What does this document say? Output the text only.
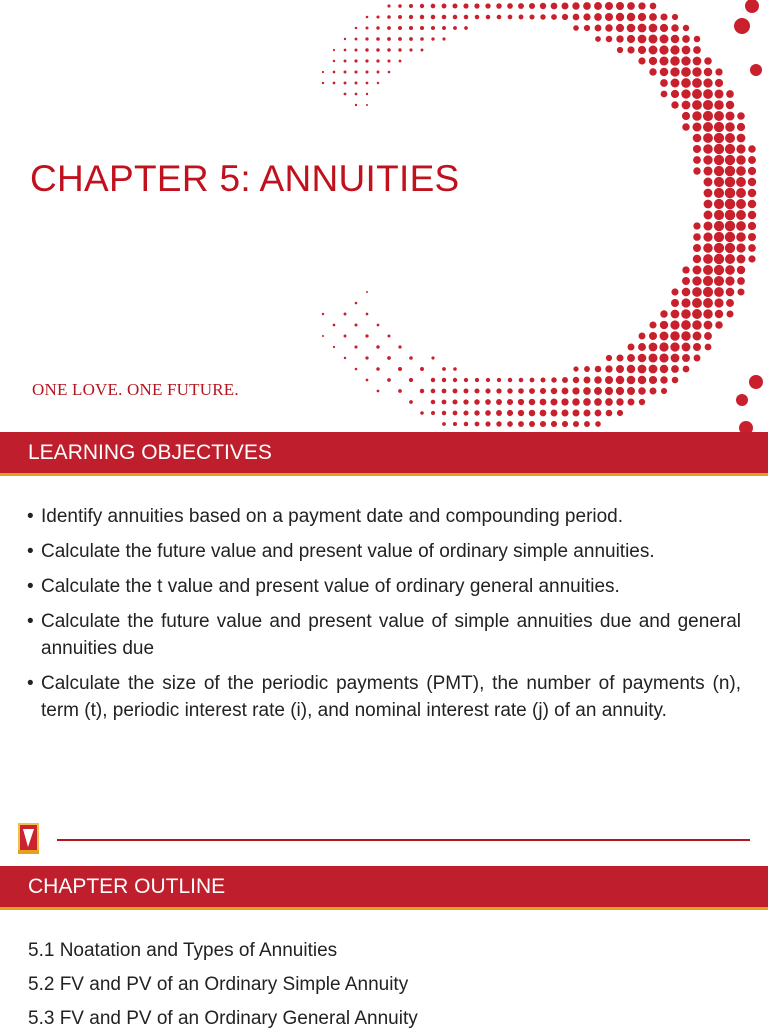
CHAPTER 5: ANNUITIES
ONE LOVE. ONE FUTURE.
LEARNING OBJECTIVES
• Identify annuities based on a payment date and compounding period.
• Calculate the future value and present value of ordinary simple annuities.
• Calculate the t value and present value of ordinary general annuities.
• Calculate the future value and present value of simple annuities due and general annuities due
• Calculate the size of the periodic payments (PMT), the number of payments (n), term (t), periodic interest rate (i), and nominal interest rate (j) of an annuity.
CHAPTER OUTLINE
5.1 Noatation and Types of Annuities
5.2 FV and PV of an Ordinary Simple Annuity
5.3 FV and PV of an Ordinary General Annuity
